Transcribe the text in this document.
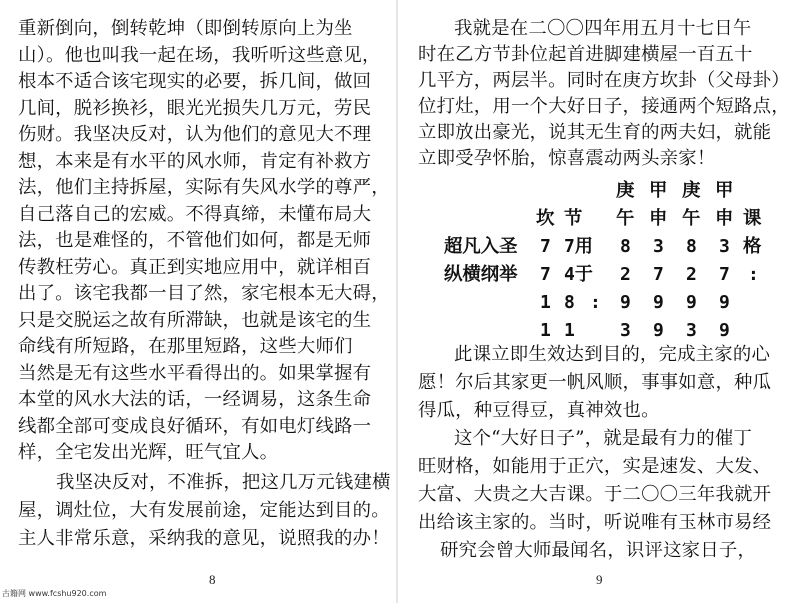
重新倒向，倒转乾坤（即倒转原向上为坐
山）。他也叫我一起在场，我听听这些意见，
根本不适合该宅现实的必要，拆几间，做回
几间，脱衫换衫，眼光光损失几万元，劳民
伤财。我坚决反对，认为他们的意见大不理
想，本来是有水平的风水师，肯定有补救方
法，他们主持拆屋，实际有失风水学的尊严，
自己落自己的宏威。不得真缔，未懂布局大
法，也是难怪的，不管他们如何，都是无师
传教枉劳心。真正到实地应用中，就详相百
出了。该宅我都一目了然，家宅根本无大碍，
只是交脱运之故有所滞缺，也就是该宅的生
命线有所短路，在那里短路，这些大师们
当然是无有这些水平看得出的。如果掌握有
本堂的风水大法的话，一经调易，这条生命
线都全部可变成良好循环，有如电灯线路一
样，全宅发出光辉，旺气宜人。
我坚决反对，不准拆，把这几万元钱建横
屋，调灶位，大有发展前途，定能达到目的。
主人非常乐意，采纳我的意见，说照我的办！
8
我就是在二〇〇四年用五月十七日午
时在乙方节卦位起首进脚建横屋一百五十
几平方，两层半。同时在庚方坎卦（父母卦）
位打灶，用一个大好日子，接通两个短路点，
立即放出豪光，说其无生育的两夫妇，就能
立即受孕怀胎，惊喜震动两头亲家！
庚 甲 庚 甲
坎 节 午 申 午 申 课
超凡入圣 7 7用 8 3 8 3 格
纵横纲举 7 4于 2 7 2 7 :
1 8 : 9 9 9 9
1 1	3 9 3 9
此课立即生效达到目的，完成主家的心
愿！尔后其家更一帆风顺，事事如意，种瓜
得瓜，种豆得豆，真神效也。
这个“大好日子”，就是最有力的催丁
旺财格，如能用于正穴，实是速发、大发、
大富、大贵之大吉课。于二〇〇三年我就开
出给该主家的。当时，听说唯有玉林市易经
研究会曾大师最闻名，识评这家日子，
9
古籍网 www.fcshu920.com
